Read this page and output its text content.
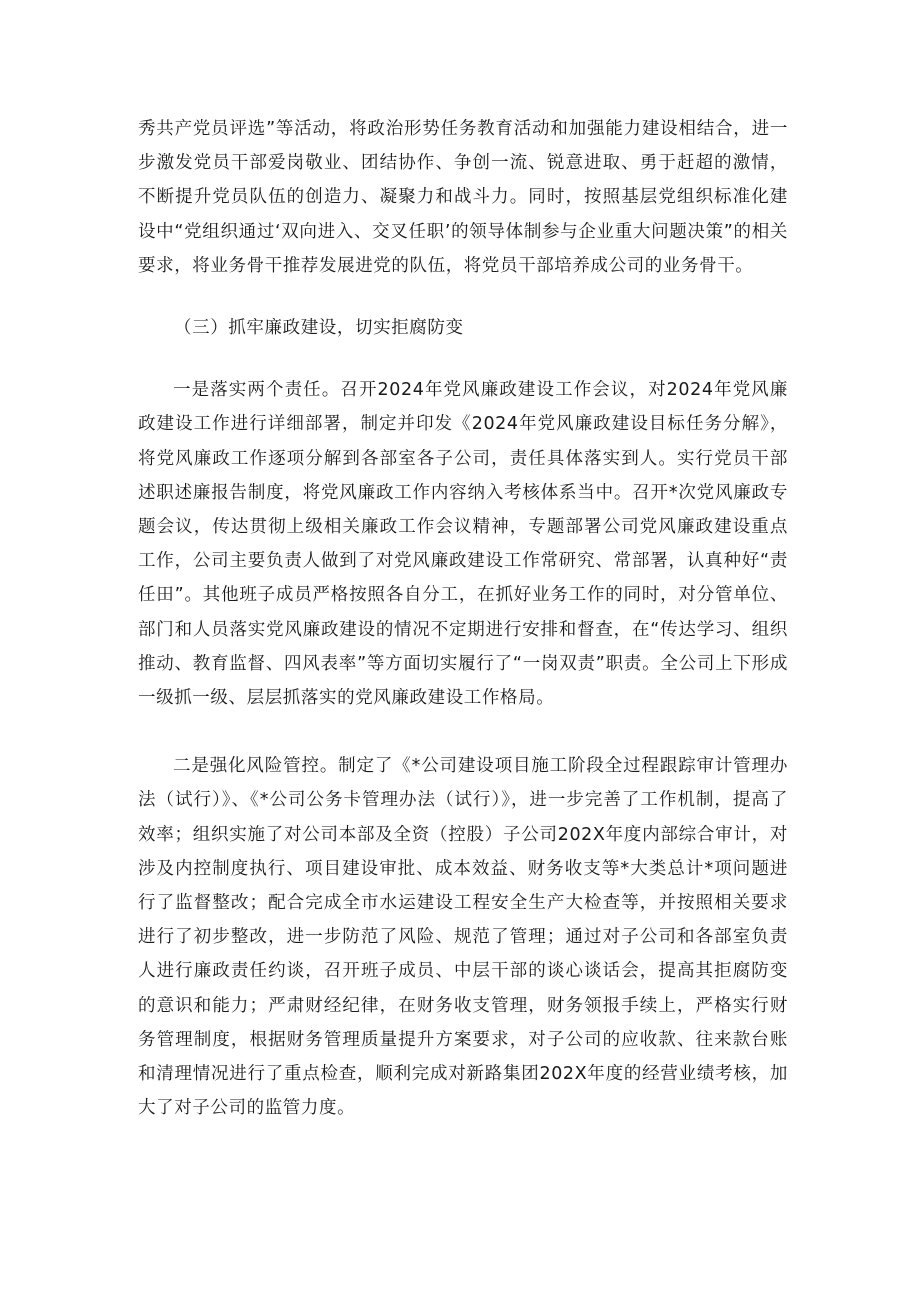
秀共产党员评选”等活动，将政治形势任务教育活动和加强能力建设相结合，进一步激发党员干部爱岗敬业、团结协作、争创一流、锐意进取、勇于赶超的激情，不断提升党员队伍的创造力、凝聚力和战斗力。同时，按照基层党组织标准化建设中“党组织通过‘双向进入、交叉任职’的领导体制参与企业重大问题决策”的相关要求，将业务骨干推荐发展进党的队伍，将党员干部培养成公司的业务骨干。

（三）抓牢廉政建设，切实拒腐防变

一是落实两个责任。召开2024年党风廉政建设工作会议，对2024年党风廉政建设工作进行详细部署，制定并印发《2024年党风廉政建设目标任务分解》，将党风廉政工作逐项分解到各部室各子公司，责任具体落实到人。实行党员干部述职述廉报告制度，将党风廉政工作内容纳入考核体系当中。召开*次党风廉政专题会议，传达贯彻上级相关廉政工作会议精神，专题部署公司党风廉政建设重点工作，公司主要负责人做到了对党风廉政建设工作常研究、常部署，认真种好“责任田”。其他班子成员严格按照各自分工，在抓好业务工作的同时，对分管单位、部门和人员落实党风廉政建设的情况不定期进行安排和督查，在“传达学习、组织推动、教育监督、四风表率”等方面切实履行了“一岗双责”职责。全公司上下形成一级抓一级、层层抓落实的党风廉政建设工作格局。

二是强化风险管控。制定了《*公司建设项目施工阶段全过程跟踪审计管理办法（试行）》、《*公司公务卡管理办法（试行）》，进一步完善了工作机制，提高了效率；组织实施了对公司本部及全资（控股）子公司202X年度内部综合审计，对涉及内控制度执行、项目建设审批、成本效益、财务收支等*大类总计*项问题进行了监督整改；配合完成全市水运建设工程安全生产大检查等，并按照相关要求进行了初步整改，进一步防范了风险、规范了管理；通过对子公司和各部室负责人进行廉政责任约谈，召开班子成员、中层干部的谈心谈话会，提高其拒腐防变的意识和能力；严肃财经纪律，在财务收支管理，财务领报手续上，严格实行财务管理制度，根据财务管理质量提升方案要求，对子公司的应收款、往来款台账和清理情况进行了重点检查，顺利完成对新路集团202X年度的经营业绩考核，加大了对子公司的监管力度。
